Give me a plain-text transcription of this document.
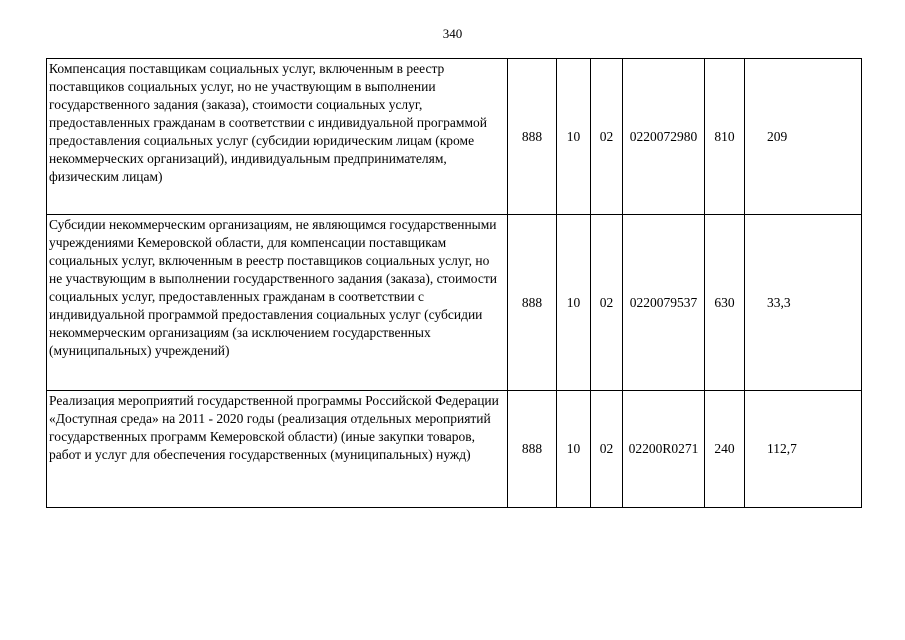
340
Компенсация поставщикам социальных услуг, включенным в реестр поставщиков социальных услуг, но не участвующим в выполнении государственного задания (заказа), стоимости социальных услуг, предоставленных гражданам в соответствии с индивидуальной программой предоставления социальных услуг (субсидии юридическим лицам (кроме некоммерческих организаций), индивидуальным предпринимателям, физическим лицам)	888	10	02	0220072980	810	209
Субсидии некоммерческим организациям, не являющимся государственными учреждениями Кемеровской области, для компенсации поставщикам социальных услуг, включенным в реестр поставщиков социальных услуг, но не участвующим в выполнении государственного задания (заказа), стоимости социальных услуг, предоставленных гражданам в соответствии с индивидуальной программой предоставления социальных услуг (субсидии некоммерческим организациям (за исключением государственных (муниципальных) учреждений)	888	10	02	0220079537	630	33,3
Реализация мероприятий государственной программы Российской Федерации «Доступная среда» на 2011 - 2020 годы (реализация отдельных мероприятий государственных программ Кемеровской области) (иные закупки товаров, работ и услуг для обеспечения государственных (муниципальных) нужд)	888	10	02	02200R0271	240	112,7
